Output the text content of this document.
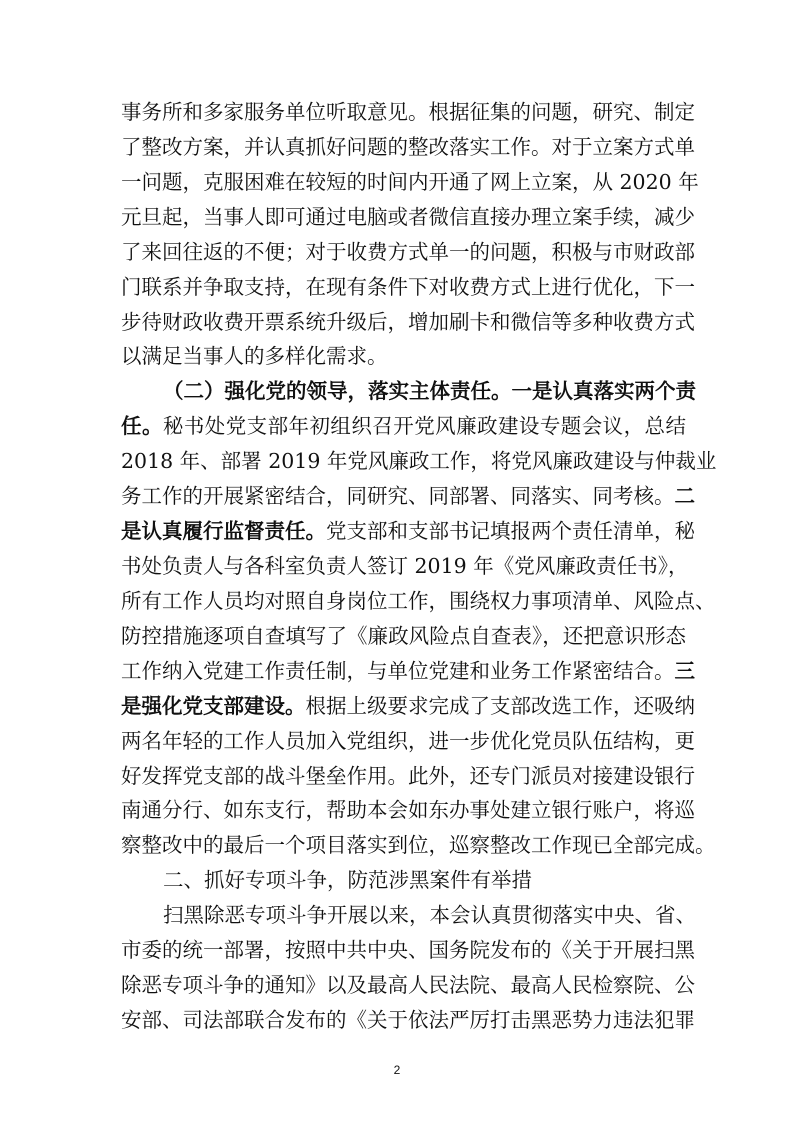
事务所和多家服务单位听取意见。根据征集的问题，研究、制定
了整改方案，并认真抓好问题的整改落实工作。对于立案方式单
一问题，克服困难在较短的时间内开通了网上立案，从 2020 年
元旦起，当事人即可通过电脑或者微信直接办理立案手续，减少
了来回往返的不便；对于收费方式单一的问题，积极与市财政部
门联系并争取支持，在现有条件下对收费方式上进行优化，下一
步待财政收费开票系统升级后，增加刷卡和微信等多种收费方式
以满足当事人的多样化需求。
（二）强化党的领导，落实主体责任。一是认真落实两个责
任。秘书处党支部年初组织召开党风廉政建设专题会议，总结
2018 年、部署 2019 年党风廉政工作，将党风廉政建设与仲裁业
务工作的开展紧密结合，同研究、同部署、同落实、同考核。二
是认真履行监督责任。党支部和支部书记填报两个责任清单，秘
书处负责人与各科室负责人签订 2019 年《党风廉政责任书》，
所有工作人员均对照自身岗位工作，围绕权力事项清单、风险点、
防控措施逐项自查填写了《廉政风险点自查表》，还把意识形态
工作纳入党建工作责任制，与单位党建和业务工作紧密结合。三
是强化党支部建设。根据上级要求完成了支部改选工作，还吸纳
两名年轻的工作人员加入党组织，进一步优化党员队伍结构，更
好发挥党支部的战斗堡垒作用。此外，还专门派员对接建设银行
南通分行、如东支行，帮助本会如东办事处建立银行账户，将巡
察整改中的最后一个项目落实到位，巡察整改工作现已全部完成。
二、抓好专项斗争，防范涉黑案件有举措
扫黑除恶专项斗争开展以来，本会认真贯彻落实中央、省、
2
市委的统一部署，按照中共中央、国务院发布的《关于开展扫黑
除恶专项斗争的通知》以及最高人民法院、最高人民检察院、公
安部、司法部联合发布的《关于依法严厉打击黑恶势力违法犯罪
